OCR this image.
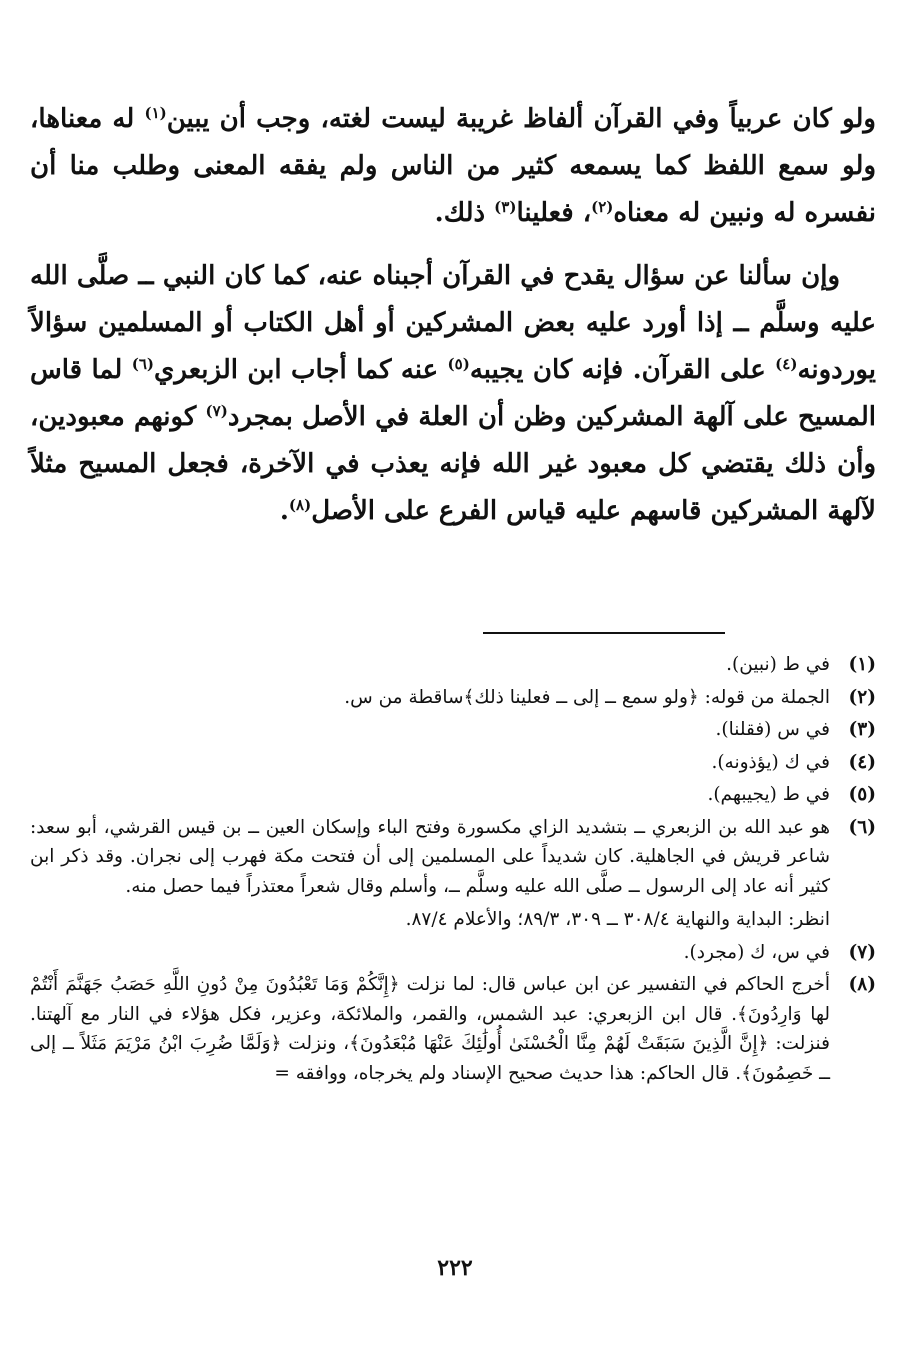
ولو كان عربياً وفي القرآن ألفاظ غريبة ليست لغته، وجب أن يبين$^{(١)}$ له معناها، ولو سمع اللفظ كما يسمعه كثير من الناس ولم يفقه المعنى وطلب منا أن نفسره له ونبين له معناه$^{(٢)}$، فعلينا$^{(٣)}$ ذلك.

وإن سألنا عن سؤال يقدح في القرآن أجبناه عنه، كما كان النبي ــ صلَّى الله عليه وسلَّم ــ إذا أورد عليه بعض المشركين أو أهل الكتاب أو المسلمين سؤالاً يوردونه$^{(٤)}$ على القرآن. فإنه كان يجيبه$^{(٥)}$ عنه كما أجاب ابن الزبعري$^{(٦)}$ لما قاس المسيح على آلهة المشركين وظن أن العلة في الأصل بمجرد$^{(٧)}$ كونهم معبودين، وأن ذلك يقتضي كل معبود غير الله فإنه يعذب في الآخرة، فجعل المسيح مثلاً لآلهة المشركين قاسهم عليه قياس الفرع على الأصل$^{(٨)}$.

(١)
في ط (نبين).
(٢)
الجملة من قوله: ﴿ولو سمع ــ إلى ــ فعلينا ذلك﴾ساقطة من س.
(٣)
في س (فقلنا).
(٤)
في ك (يؤذونه).
(٥)
في ط (يجيبهم).
(٦)
هو عبد الله بن الزبعري ــ بتشديد الزاي مكسورة وفتح الباء وإسكان العين ــ بن قيس القرشي، أبو سعد: شاعر قريش في الجاهلية. كان شديداً على المسلمين إلى أن فتحت مكة فهرب إلى نجران. وقد ذكر ابن كثير أنه عاد إلى الرسول ــ صلَّى الله عليه وسلَّم ــ، وأسلم وقال شعراً معتذراً فيما حصل منه.
انظر: البداية والنهاية ٣٠٨/٤ ــ ٣٠٩، ٨٩/٣؛ والأعلام ٨٧/٤.
(٧)
في س، ك (مجرد).
(٨)
أخرج الحاكم في التفسير عن ابن عباس قال: لما نزلت ﴿إِنَّكُمْ وَمَا تَعْبُدُونَ مِنْ دُونِ اللَّهِ حَصَبُ جَهَنَّمَ أَنْتُمْ لها وَارِدُونَ﴾. قال ابن الزبعري: عبد الشمس، والقمر، والملائكة، وعزير، فكل هؤلاء في النار مع آلهتنا. فنزلت: ﴿إِنَّ الَّذِينَ سَبَقَتْ لَهُمْ مِنَّا الْحُسْنَىٰ أُولَٰئِكَ عَنْهَا مُبْعَدُونَ﴾، ونزلت ﴿وَلَمَّا ضُرِبَ ابْنُ مَرْيَمَ مَثَلاً ــ إلى ــ خَصِمُونَ﴾. قال الحاكم: هذا حديث صحيح الإسناد ولم يخرجاه، ووافقه =
٢٢٢
